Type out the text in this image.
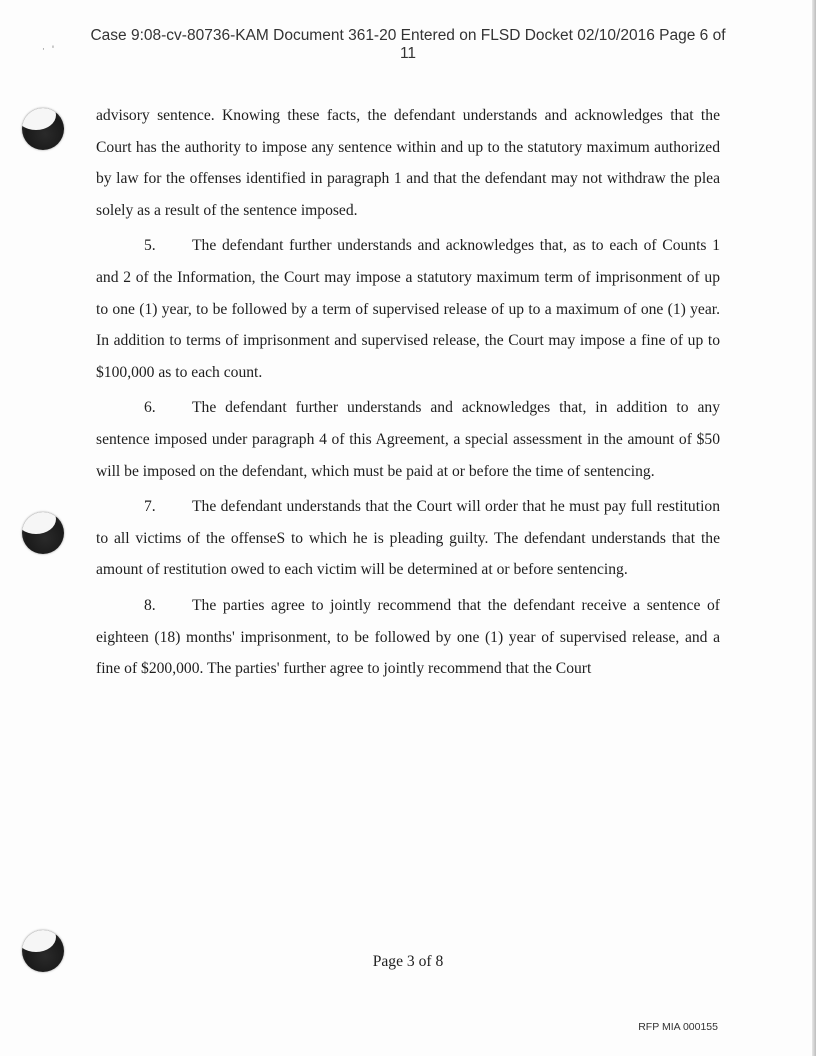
Case 9:08-cv-80736-KAM Document 361-20 Entered on FLSD Docket 02/10/2016 Page 6 of
11
· '

advisory sentence. Knowing these facts, the defendant understands and acknowledges that the Court has the authority to impose any sentence within and up to the statutory maximum authorized by law for the offenses identified in paragraph 1 and that the defendant may not withdraw the plea solely as a result of the sentence imposed.

5. The defendant further understands and acknowledges that, as to each of Counts 1 and 2 of the Information, the Court may impose a statutory maximum term of imprisonment of up to one (1) year, to be followed by a term of supervised release of up to a maximum of one (1) year. In addition to terms of imprisonment and supervised release, the Court may impose a fine of up to $100,000 as to each count.

6. The defendant further understands and acknowledges that, in addition to any sentence imposed under paragraph 4 of this Agreement, a special assessment in the amount of $50 will be imposed on the defendant, which must be paid at or before the time of sentencing.

7. The defendant understands that the Court will order that he must pay full restitution to all victims of the offenseS to which he is pleading guilty. The defendant understands that the amount of restitution owed to each victim will be determined at or before sentencing.

8. The parties agree to jointly recommend that the defendant receive a sentence of eighteen (18) months' imprisonment, to be followed by one (1) year of supervised release, and a fine of $200,000. The parties' further agree to jointly recommend that the Court

Page 3 of 8
RFP MIA 000155
